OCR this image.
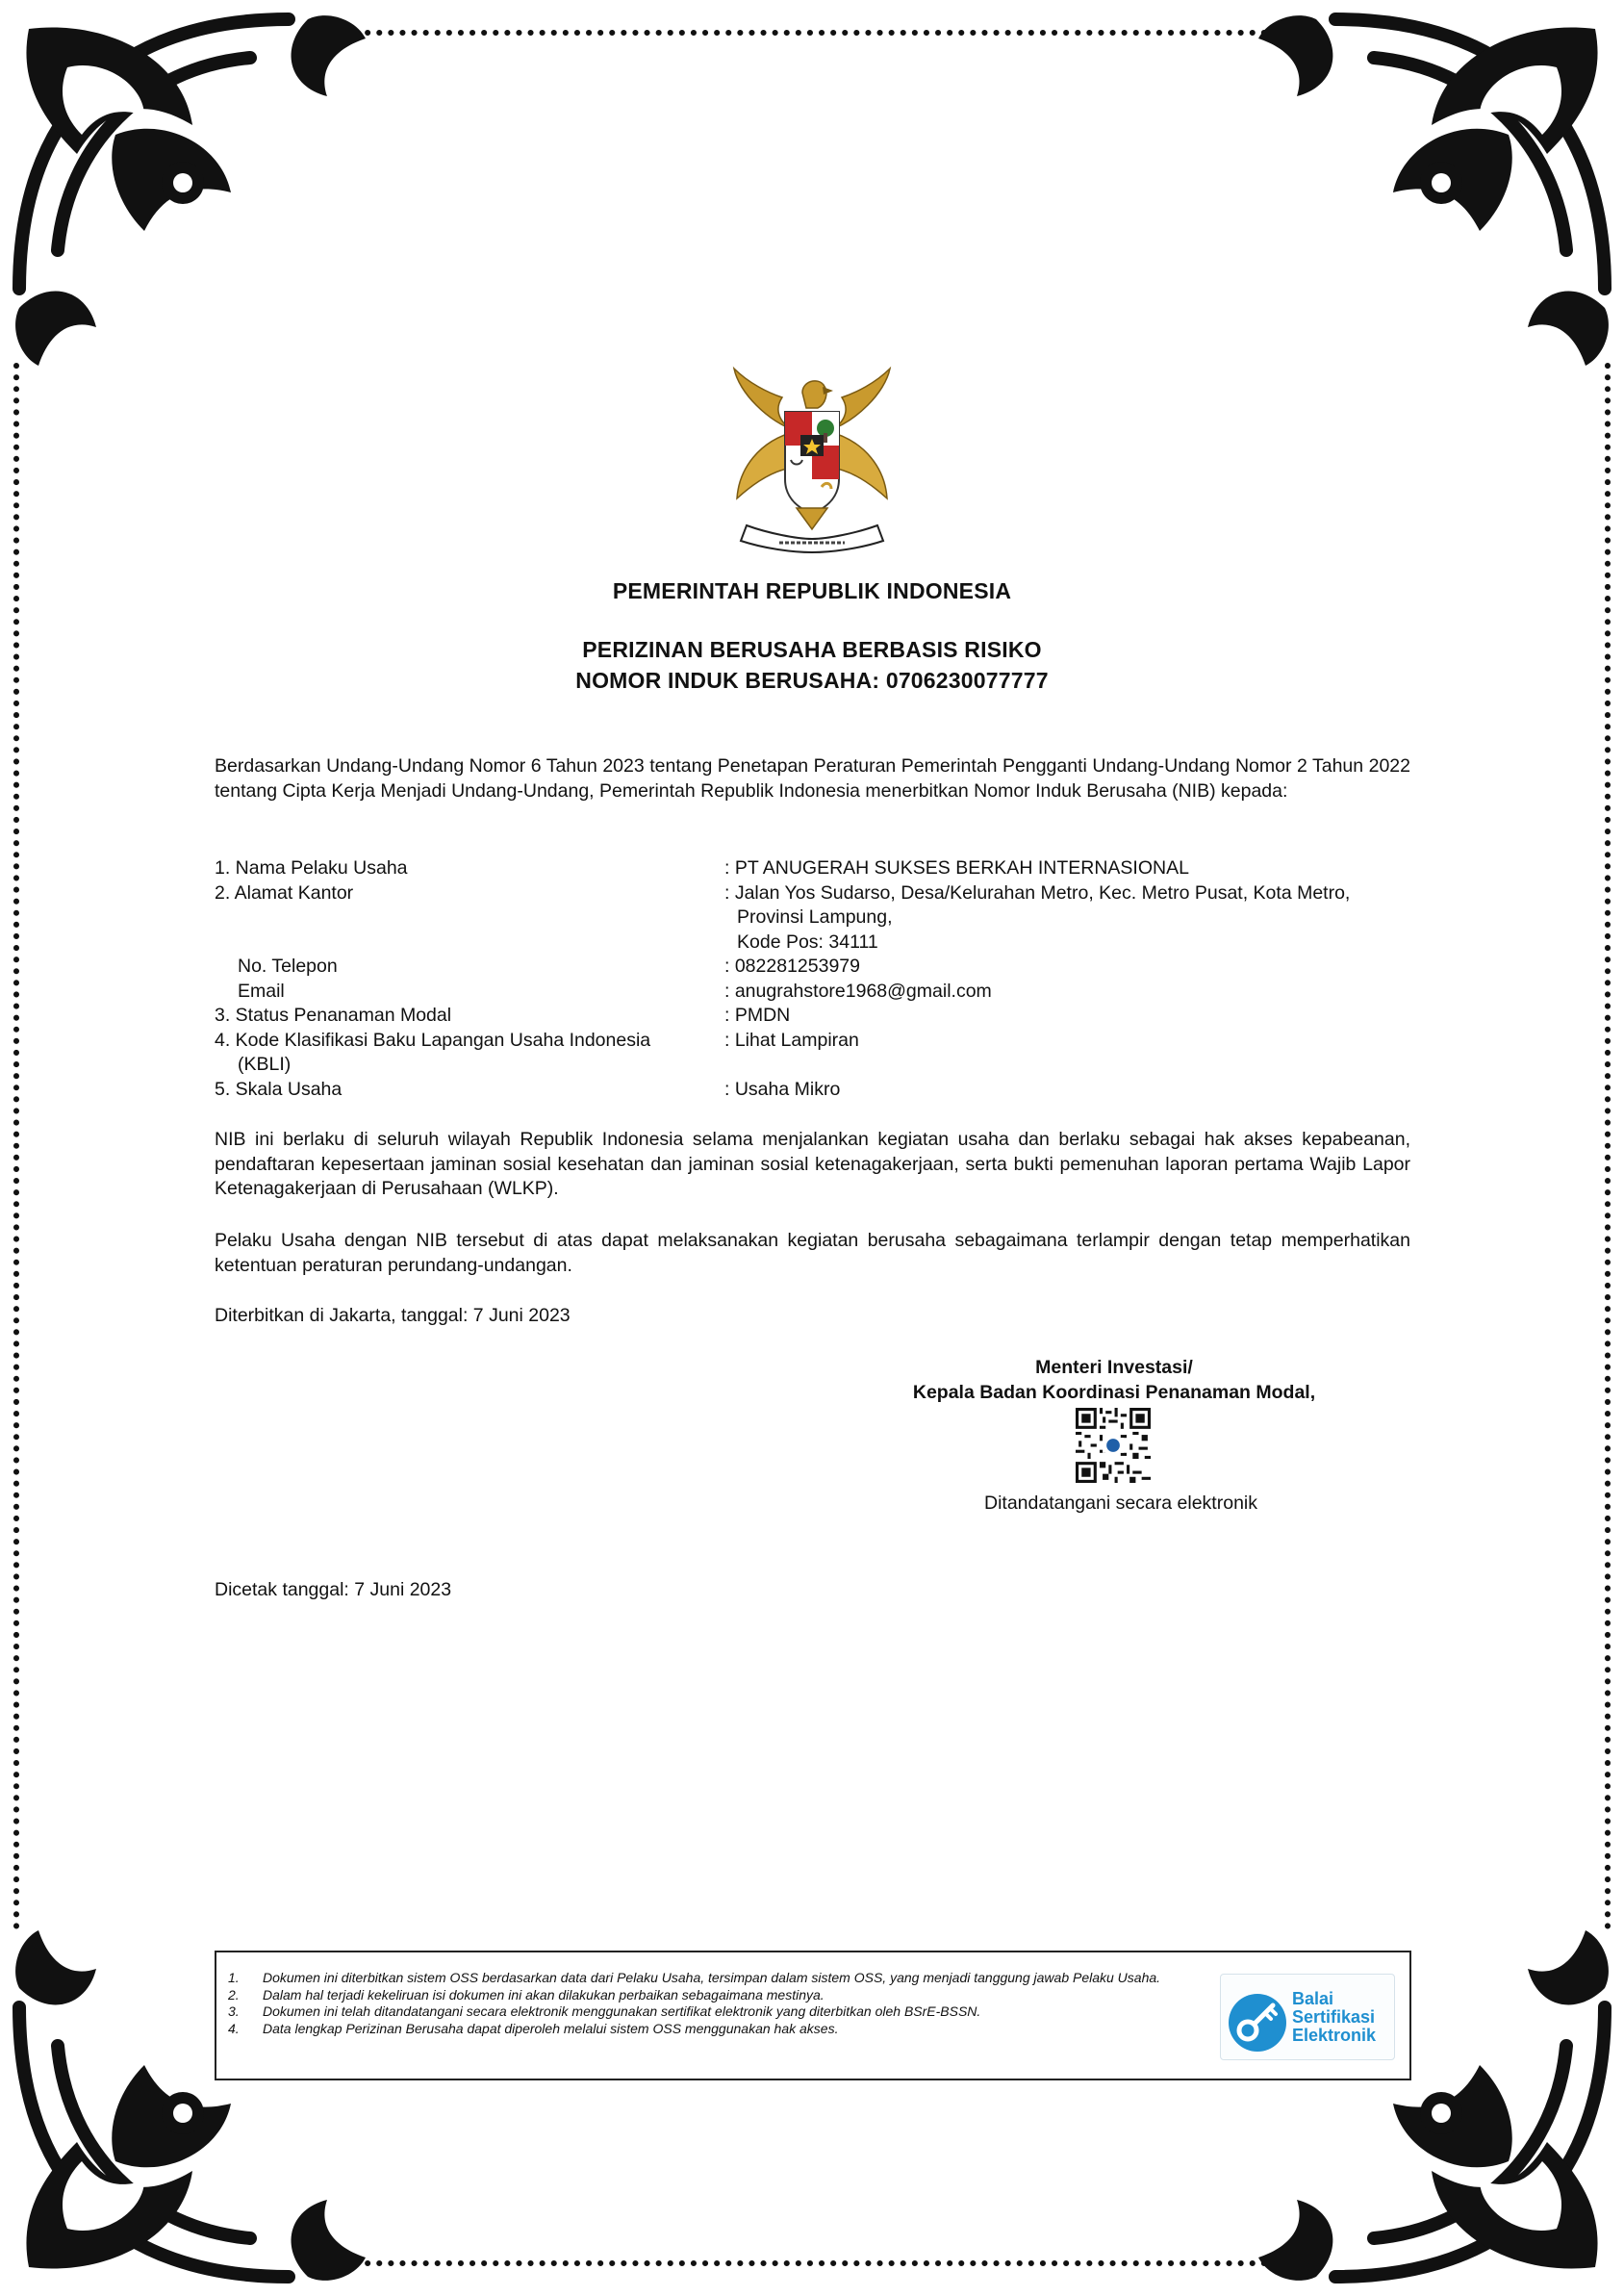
PEMERINTAH REPUBLIK INDONESIA
PERIZINAN BERUSAHA BERBASIS RISIKO
NOMOR INDUK BERUSAHA: 0706230077777
Berdasarkan Undang-Undang Nomor 6 Tahun 2023 tentang Penetapan Peraturan Pemerintah Pengganti Undang-Undang Nomor 2 Tahun 2022 tentang Cipta Kerja Menjadi Undang-Undang, Pemerintah Republik Indonesia menerbitkan Nomor Induk Berusaha (NIB) kepada:
1. Nama Pelaku Usaha	: PT ANUGERAH SUKSES BERKAH INTERNASIONAL
2. Alamat Kantor	: Jalan Yos Sudarso, Desa/Kelurahan Metro, Kec. Metro Pusat, Kota Metro,
Provinsi Lampung,
Kode Pos: 34111
No. Telepon	: 082281253979
Email	: anugrahstore1968@gmail.com
3. Status Penanaman Modal	: PMDN
4. Kode Klasifikasi Baku Lapangan Usaha Indonesia
(KBLI)
: Lihat Lampiran
5. Skala Usaha	: Usaha Mikro
NIB ini berlaku di seluruh wilayah Republik Indonesia selama menjalankan kegiatan usaha dan berlaku sebagai hak akses kepabeanan, pendaftaran kepesertaan jaminan sosial kesehatan dan jaminan sosial ketenagakerjaan, serta bukti pemenuhan laporan pertama Wajib Lapor Ketenagakerjaan di Perusahaan (WLKP).
Pelaku Usaha dengan NIB tersebut di atas dapat melaksanakan kegiatan berusaha sebagaimana terlampir dengan tetap memperhatikan ketentuan peraturan perundang-undangan.
Diterbitkan di Jakarta, tanggal: 7 Juni 2023
Menteri Investasi/
Kepala Badan Koordinasi Penanaman Modal,
Ditandatangani secara elektronik
Dicetak tanggal: 7 Juni 2023
1.	Dokumen ini diterbitkan sistem OSS berdasarkan data dari Pelaku Usaha, tersimpan dalam sistem OSS, yang menjadi tanggung jawab Pelaku Usaha.
2.	Dalam hal terjadi kekeliruan isi dokumen ini akan dilakukan perbaikan sebagaimana mestinya.
3.	Dokumen ini telah ditandatangani secara elektronik menggunakan sertifikat elektronik yang diterbitkan oleh BSrE-BSSN.
4.	Data lengkap Perizinan Berusaha dapat diperoleh melalui sistem OSS menggunakan hak akses.
Balai
Sertifikasi
Elektronik
